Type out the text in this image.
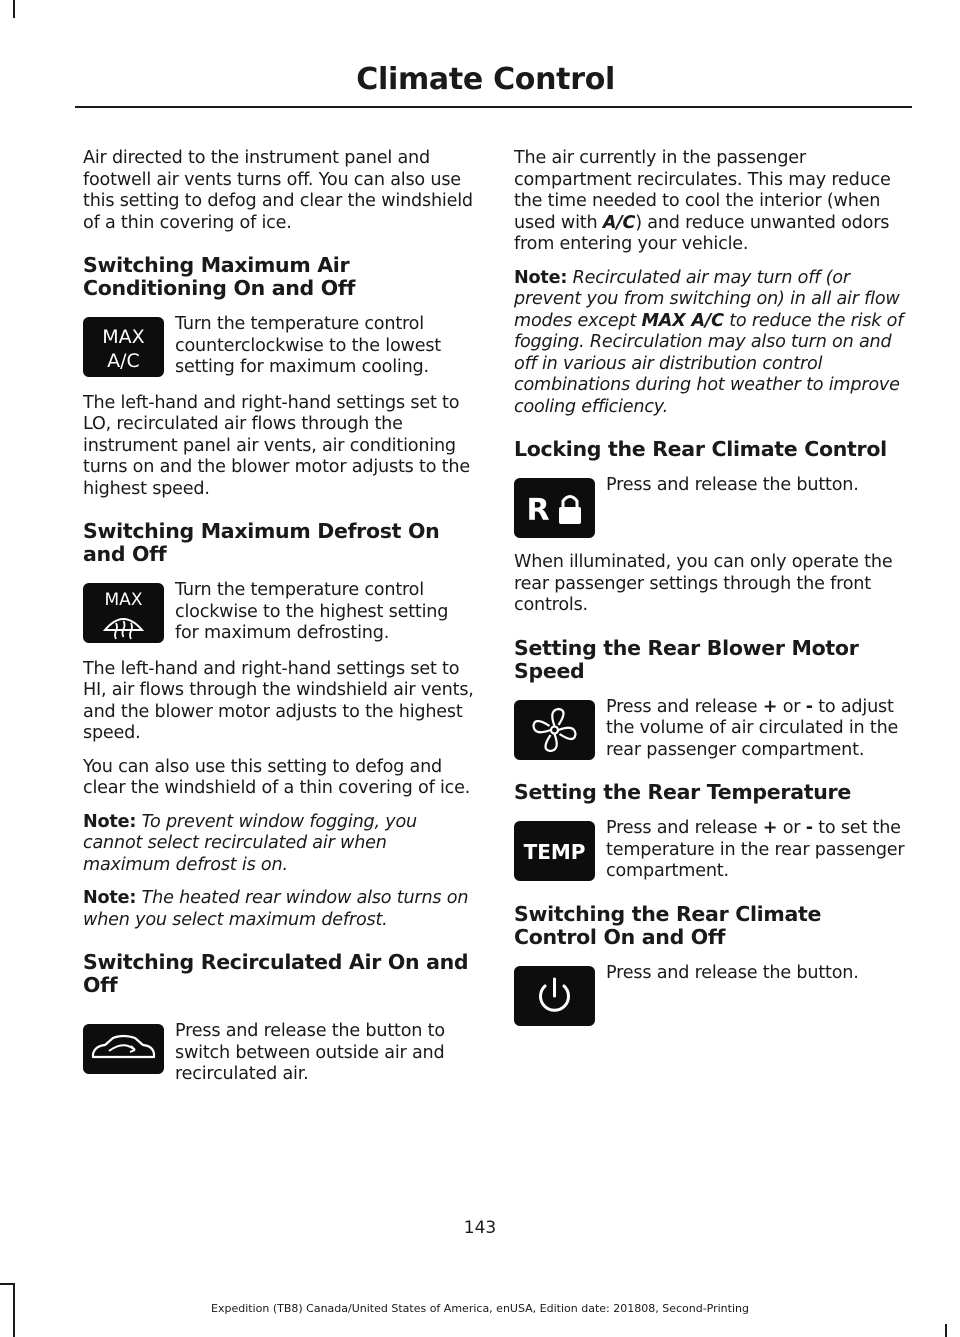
Climate Control

Air directed to the instrument panel and footwell air vents turns off. You can also use this setting to defog and clear the windshield of a thin covering of ice.

Switching Maximum Air Conditioning On and Off
MAX
A/C

Turn the temperature control counterclockwise to the lowest setting for maximum cooling.

The left-hand and right-hand settings set to LO, recirculated air flows through the instrument panel air vents, air conditioning turns on and the blower motor adjusts to the highest speed.

Switching Maximum Defrost On and Off
MAX Turn the temperature control clockwise to the highest setting for maximum defrosting.

The left-hand and right-hand settings set to HI, air flows through the windshield air vents, and the blower motor adjusts to the highest speed.

You can also use this setting to defog and clear the windshield of a thin covering of ice.

Note: To prevent window fogging, you cannot select recirculated air when maximum defrost is on.

Note: The heated rear window also turns on when you select maximum defrost.

Switching Recirculated Air On and Off

Press and release the button to switch between outside air and recirculated air.

The air currently in the passenger compartment recirculates. This may reduce the time needed to cool the interior (when used with A/C) and reduce unwanted odors from entering your vehicle.

Note: Recirculated air may turn off (or prevent you from switching on) in all air flow modes except MAX A/C to reduce the risk of fogging. Recirculation may also turn on and off in various air distribution control combinations during hot weather to improve cooling efficiency.

Locking the Rear Climate Control
R

Press and release the button.

When illuminated, you can only operate the rear passenger settings through the front controls.

Setting the Rear Blower Motor Speed

Press and release + or - to adjust the volume of air circulated in the rear passenger compartment.

Setting the Rear Temperature
TEMP

Press and release + or - to set the temperature in the rear passenger compartment.

Switching the Rear Climate Control On and Off

Press and release the button.

143
Expedition (TB8) Canada/United States of America, enUSA, Edition date: 201808, Second-Printing
